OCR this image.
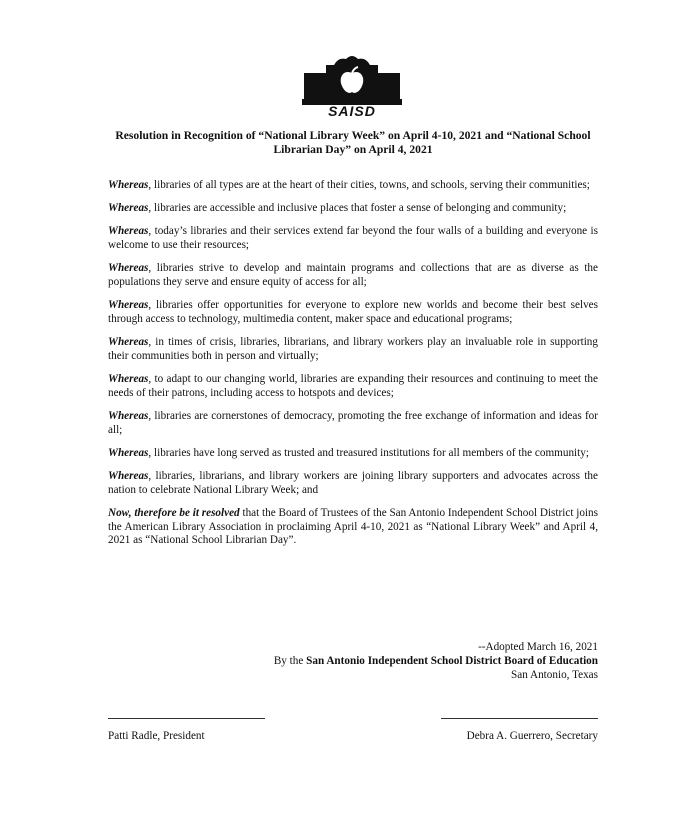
SAISD
Resolution in Recognition of “National Library Week” on April 4-10, 2021 and “National School Librarian Day” on April 4, 2021

Whereas, libraries of all types are at the heart of their cities, towns, and schools, serving their communities;

Whereas, libraries are accessible and inclusive places that foster a sense of belonging and community;

Whereas, today’s libraries and their services extend far beyond the four walls of a building and everyone is welcome to use their resources;

Whereas, libraries strive to develop and maintain programs and collections that are as diverse as the populations they serve and ensure equity of access for all;

Whereas, libraries offer opportunities for everyone to explore new worlds and become their best selves through access to technology, multimedia content, maker space and educational programs;

Whereas, in times of crisis, libraries, librarians, and library workers play an invaluable role in supporting their communities both in person and virtually;

Whereas, to adapt to our changing world, libraries are expanding their resources and continuing to meet the needs of their patrons, including access to hotspots and devices;

Whereas, libraries are cornerstones of democracy, promoting the free exchange of information and ideas for all;

Whereas, libraries have long served as trusted and treasured institutions for all members of the community;

Whereas, libraries, librarians, and library workers are joining library supporters and advocates across the nation to celebrate National Library Week; and

Now, therefore be it resolved that the Board of Trustees of the San Antonio Independent School District joins the American Library Association in proclaiming April 4-10, 2021 as “National Library Week” and April 4, 2021 as “National School Librarian Day”.

--Adopted March 16, 2021
By the San Antonio Independent School District Board of Education
San Antonio, Texas
Patti Radle, President	Debra A. Guerrero, Secretary
